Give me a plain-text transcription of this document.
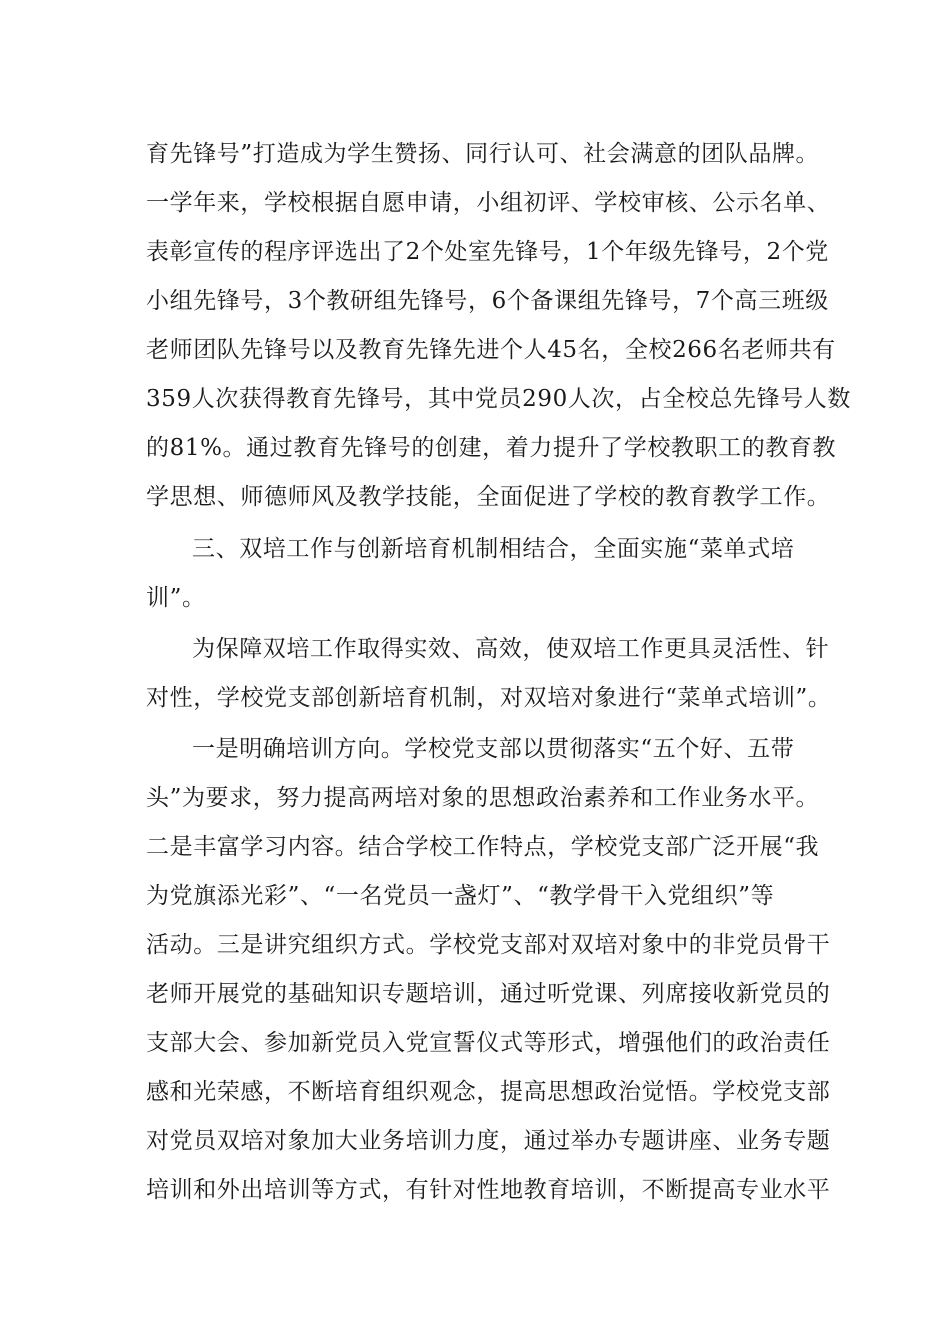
育先锋号”打造成为学生赞扬、同行认可、社会满意的团队品牌。
一学年来，学校根据自愿申请，小组初评、学校审核、公示名单、
表彰宣传的程序评选出了2个处室先锋号，1个年级先锋号，2个党
小组先锋号，3个教研组先锋号，6个备课组先锋号，7个高三班级
老师团队先锋号以及教育先锋先进个人45名，全校266名老师共有
359人次获得教育先锋号，其中党员290人次，占全校总先锋号人数
的81%。通过教育先锋号的创建，着力提升了学校教职工的教育教
学思想、师德师风及教学技能，全面促进了学校的教育教学工作。
三、双培工作与创新培育机制相结合，全面实施“菜单式培
训”。
为保障双培工作取得实效、高效，使双培工作更具灵活性、针
对性，学校党支部创新培育机制，对双培对象进行“菜单式培训”。
一是明确培训方向。学校党支部以贯彻落实“五个好、五带
头”为要求，努力提高两培对象的思想政治素养和工作业务水平。
二是丰富学习内容。结合学校工作特点，学校党支部广泛开展“我
为党旗添光彩”、“一名党员一盏灯”、“教学骨干入党组织”等
活动。三是讲究组织方式。学校党支部对双培对象中的非党员骨干
老师开展党的基础知识专题培训，通过听党课、列席接收新党员的
支部大会、参加新党员入党宣誓仪式等形式，增强他们的政治责任
感和光荣感，不断培育组织观念，提高思想政治觉悟。学校党支部
对党员双培对象加大业务培训力度，通过举办专题讲座、业务专题
培训和外出培训等方式，有针对性地教育培训，不断提高专业水平
